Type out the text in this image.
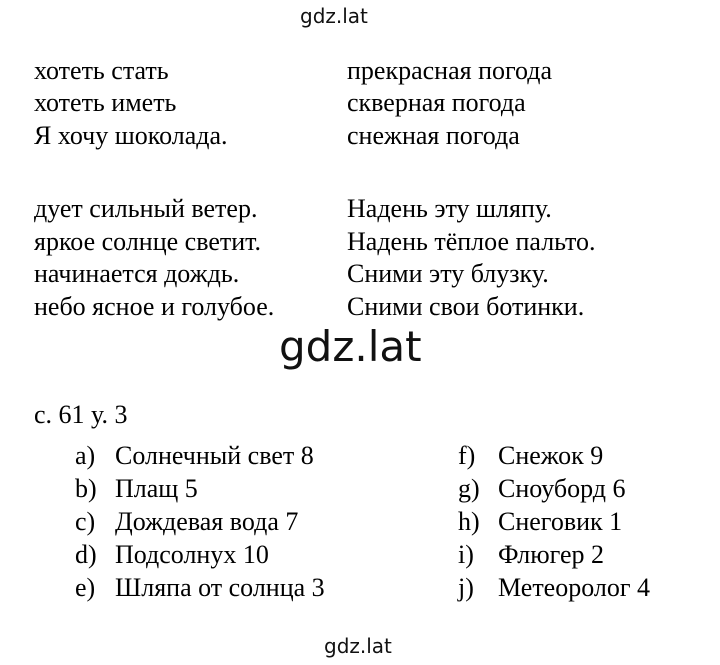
gdz.lat
хотеть стать
хотеть иметь
Я хочу шоколада.
прекрасная погода
скверная погода
снежная погода
дует сильный ветер.
яркое солнце светит.
начинается дождь.
небо ясное и голубое.
Надень эту шляпу.
Надень тёплое пальто.
Сними эту блузку.
Сними свои ботинки.
gdz.lat
с. 61 у. 3
a) Солнечный свет 8
b) Плащ 5
c) Дождевая вода 7
d) Подсолнух 10
e) Шляпа от солнца 3
f) Снежок 9
g) Сноуборд 6
h) Снеговик 1
i) Флюгер 2
j) Метеоролог 4
gdz.lat
